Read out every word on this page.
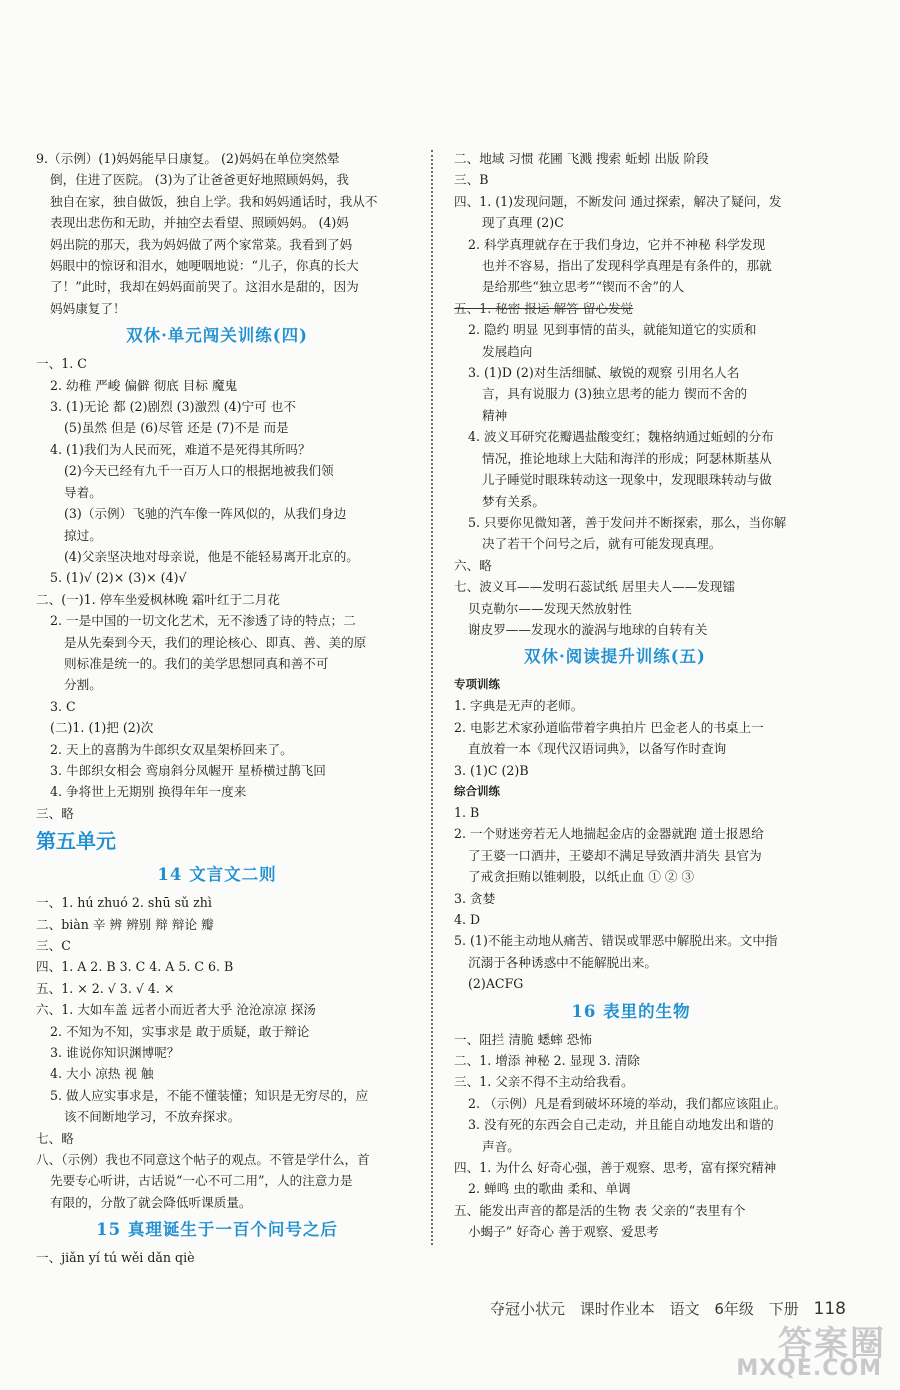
9.（示例）(1)妈妈能早日康复。 (2)妈妈在单位突然晕
倒，住进了医院。 (3)为了让爸爸更好地照顾妈妈，我
独自在家，独自做饭，独自上学。我和妈妈通话时，我从不
表现出悲伤和无助，并抽空去看望、照顾妈妈。 (4)妈
妈出院的那天，我为妈妈做了两个家常菜。我看到了妈
妈眼中的惊讶和泪水，她哽咽地说：“儿子，你真的长大
了！”此时，我却在妈妈面前哭了。这泪水是甜的，因为
妈妈康复了！
双休·单元闯关训练(四)
一、1. C
2. 幼稚 严峻 偏僻 彻底 目标 魔鬼
3. (1)无论 都 (2)剧烈 (3)激烈 (4)宁可 也不
(5)虽然 但是 (6)尽管 还是 (7)不是 而是
4. (1)我们为人民而死，难道不是死得其所吗？
(2)今天已经有九千一百万人口的根据地被我们领
导着。
(3)（示例）飞驰的汽车像一阵风似的，从我们身边
掠过。
(4)父亲坚决地对母亲说，他是不能轻易离开北京的。
5. (1)√ (2)× (3)× (4)√
二、(一)1. 停车坐爱枫林晚 霜叶红于二月花
2. 一是中国的一切文化艺术，无不渗透了诗的特点；二
是从先秦到今天，我们的理论核心、即真、善、美的原
则标准是统一的。我们的美学思想同真和善不可
分割。
3. C
(二)1. (1)把 (2)次
2. 天上的喜鹊为牛郎织女双星架桥回来了。
3. 牛郎织女相会 鸾扇斜分凤幄开 星桥横过鹊飞回
4. 争将世上无期别 换得年年一度来
三、略
第五单元
14 文言文二则
一、1. hú zhuó 2. shū sǔ zhì
二、biàn 辛 辨 辨别 辩 辩论 瓣
三、C
四、1. A 2. B 3. C 4. A 5. C 6. B
五、1. × 2. √ 3. √ 4. ×
六、1. 大如车盖 远者小而近者大乎 沧沧凉凉 探汤
2. 不知为不知，实事求是 敢于质疑，敢于辩论
3. 谁说你知识渊博呢？
4. 大小 凉热 视 触
5. 做人应实事求是，不能不懂装懂；知识是无穷尽的，应
该不间断地学习，不放弃探求。
七、略
八、（示例）我也不同意这个帖子的观点。不管是学什么，首
先要专心听讲，古话说“一心不可二用”，人的注意力是
有限的，分散了就会降低听课质量。
15 真理诞生于一百个问号之后
一、jiǎn yí tú wěi dǎn qiè
二、地域 习惯 花圃 飞溅 搜索 蚯蚓 出版 阶段
三、B
四、1. (1)发现问题，不断发问 通过探索，解决了疑问，发
现了真理 (2)C
2. 科学真理就存在于我们身边，它并不神秘 科学发现
也并不容易，指出了发现科学真理是有条件的，那就
是给那些“独立思考”“锲而不舍”的人
五、1. 秘密 报运 解答 留心发觉
2. 隐约 明显 见到事情的苗头，就能知道它的实质和
发展趋向
3. (1)D (2)对生活细腻、敏锐的观察 引用名人名
言，具有说服力 (3)独立思考的能力 锲而不舍的
精神
4. 波义耳研究花瓣遇盐酸变红；魏格纳通过蚯蚓的分布
情况，推论地球上大陆和海洋的形成；阿瑟林斯基从
儿子睡觉时眼珠转动这一现象中，发现眼珠转动与做
梦有关系。
5. 只要你见微知著，善于发问并不断探索，那么，当你解
决了若干个问号之后，就有可能发现真理。
六、略
七、波义耳——发明石蕊试纸 居里夫人——发现镭
贝克勒尔——发现天然放射性
谢皮罗——发现水的漩涡与地球的自转有关
双休·阅读提升训练(五)
专项训练
1. 字典是无声的老师。
2. 电影艺术家孙道临带着字典拍片 巴金老人的书桌上一
直放着一本《现代汉语词典》，以备写作时查询
3. (1)C (2)B
综合训练
1. B
2. 一个财迷旁若无人地揣起金店的金器就跑 道士报恩给
了王婆一口酒井，王婆却不满足导致酒井消失 县官为
了戒贪拒贿以锥刺股，以纸止血 ① ② ③
3. 贪婪
4. D
5. (1)不能主动地从痛苦、错误或罪恶中解脱出来。文中指
沉溺于各种诱惑中不能解脱出来。
(2)ACFG
16 表里的生物
一、阻拦 清脆 蟋蟀 恐怖
二、1. 增添 神秘 2. 显现 3. 清除
三、1. 父亲不得不主动给我看。
2. （示例）凡是看到破坏环境的举动，我们都应该阻止。
3. 没有死的东西会自己走动，并且能自动地发出和谐的
声音。
四、1. 为什么 好奇心强，善于观察、思考，富有探究精神
2. 蝉鸣 虫的歌曲 柔和、单调
五、能发出声音的都是活的生物 表 父亲的“表里有个
小蝎子” 好奇心 善于观察、爱思考
夺冠小状元 课时作业本 语文 6年级 下册 118
答案圈
MXQE.COM
